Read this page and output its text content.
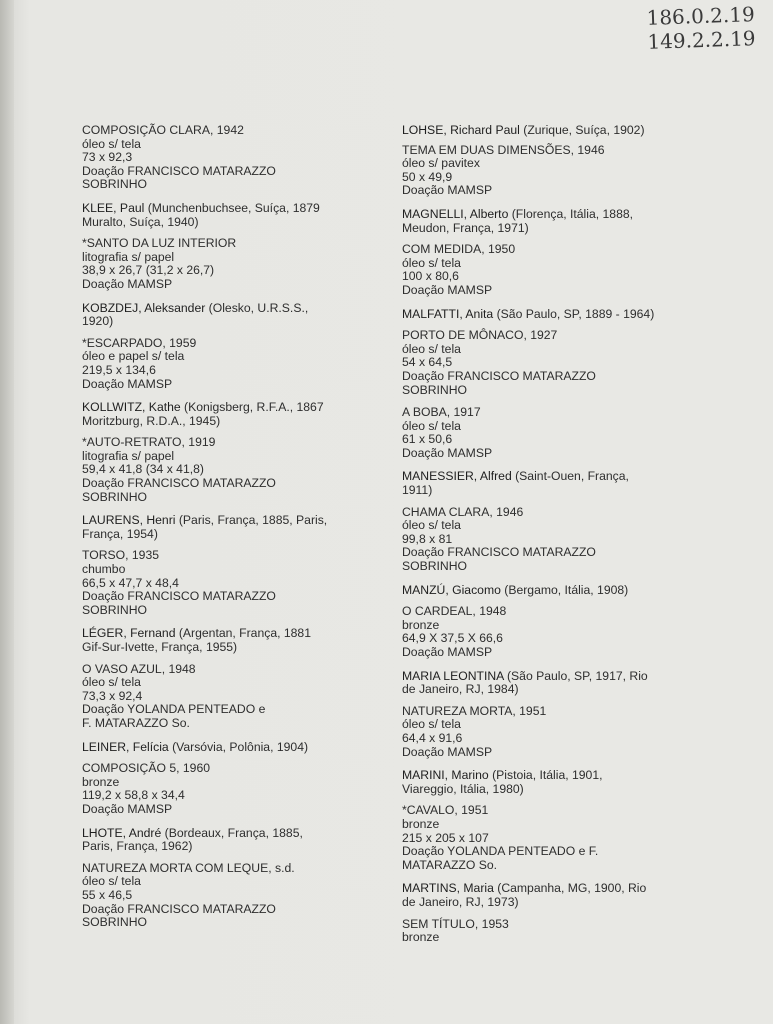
186.0.2.19
149.2.2.19
COMPOSIÇÃO CLARA, 1942
óleo s/ tela
73 x 92,3
Doação FRANCISCO MATARAZZO
SOBRINHO
KLEE, Paul (Munchenbuchsee, Suíça, 1879
Muralto, Suíça, 1940)
*SANTO DA LUZ INTERIOR
litografia s/ papel
38,9 x 26,7 (31,2 x 26,7)
Doação MAMSP
KOBZDEJ, Aleksander (Olesko, U.R.S.S.,
1920)
*ESCARPADO, 1959
óleo e papel s/ tela
219,5 x 134,6
Doação MAMSP
KOLLWITZ, Kathe (Konigsberg, R.F.A., 1867
Moritzburg, R.D.A., 1945)
*AUTO-RETRATO, 1919
litografia s/ papel
59,4 x 41,8 (34 x 41,8)
Doação FRANCISCO MATARAZZO
SOBRINHO
LAURENS, Henri (Paris, França, 1885, Paris,
França, 1954)
TORSO, 1935
chumbo
66,5 x 47,7 x 48,4
Doação FRANCISCO MATARAZZO
SOBRINHO
LÉGER, Fernand (Argentan, França, 1881
Gif-Sur-Ivette, França, 1955)
O VASO AZUL, 1948
óleo s/ tela
73,3 x 92,4
Doação YOLANDA PENTEADO e
F. MATARAZZO So.
LEINER, Felícia (Varsóvia, Polônia, 1904)
COMPOSIÇÃO 5, 1960
bronze
119,2 x 58,8 x 34,4
Doação MAMSP
LHOTE, André (Bordeaux, França, 1885,
Paris, França, 1962)
NATUREZA MORTA COM LEQUE, s.d.
óleo s/ tela
55 x 46,5
Doação FRANCISCO MATARAZZO
SOBRINHO
LOHSE, Richard Paul (Zurique, Suíça, 1902)
TEMA EM DUAS DIMENSÕES, 1946
óleo s/ pavitex
50 x 49,9
Doação MAMSP
MAGNELLI, Alberto (Florença, Itália, 1888,
Meudon, França, 1971)
COM MEDIDA, 1950
óleo s/ tela
100 x 80,6
Doação MAMSP
MALFATTI, Anita (São Paulo, SP, 1889 - 1964)
PORTO DE MÔNACO, 1927
óleo s/ tela
54 x 64,5
Doação FRANCISCO MATARAZZO
SOBRINHO
A BOBA, 1917
óleo s/ tela
61 x 50,6
Doação MAMSP
MANESSIER, Alfred (Saint-Ouen, França,
1911)
CHAMA CLARA, 1946
óleo s/ tela
99,8 x 81
Doação FRANCISCO MATARAZZO
SOBRINHO
MANZÚ, Giacomo (Bergamo, Itália, 1908)
O CARDEAL, 1948
bronze
64,9 X 37,5 X 66,6
Doação MAMSP
MARIA LEONTINA (São Paulo, SP, 1917, Rio
de Janeiro, RJ, 1984)
NATUREZA MORTA, 1951
óleo s/ tela
64,4 x 91,6
Doação MAMSP
MARINI, Marino (Pistoia, Itália, 1901,
Viareggio, Itália, 1980)
*CAVALO, 1951
bronze
215 x 205 x 107
Doação YOLANDA PENTEADO e F.
MATARAZZO So.
MARTINS, Maria (Campanha, MG, 1900, Rio
de Janeiro, RJ, 1973)
SEM TÍTULO, 1953
bronze
